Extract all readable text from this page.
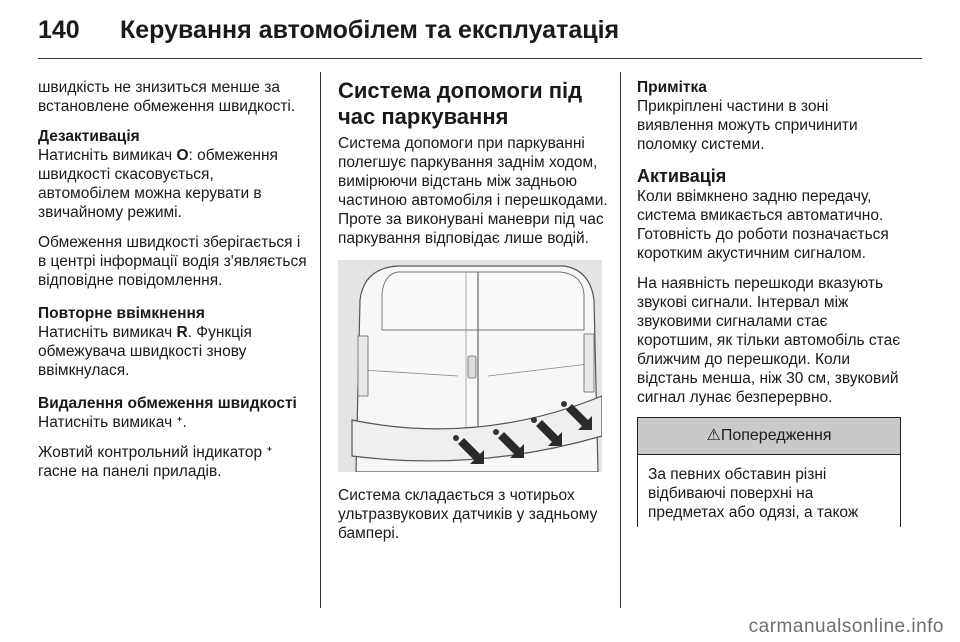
140 Керування автомобілем та експлуатація

швидкість не знизиться менше за встановлене обмеження швидкості.

Дезактивація

Натисніть вимикач O: обмеження швидкості скасовується, автомобілем можна керувати в звичайному режимі.

Обмеження швидкості зберігається і в центрі інформації водія з'являється відповідне повідомлення.

Повторне ввімкнення

Натисніть вимикач R. Функція обмежувача швидкості знову ввімкнулася.

Видалення обмеження швидкості

Натисніть вимикач ᐩ.

Жовтий контрольний індикатор ᐩ гасне на панелі приладів.

Система допомоги під час паркування

Система допомоги при паркуванні полегшує паркування заднім ходом, вимірюючи відстань між задньою частиною автомобіля і перешкодами. Проте за виконувані маневри під час паркування відповідає лише водій.

Система складається з чотирьох ультразвукових датчиків у задньому бампері.

Примітка

Прикріплені частини в зоні виявлення можуть спричинити поломку системи.

Активація

Коли ввімкнено задню передачу, система вмикається автоматично. Готовність до роботи позначається коротким акустичним сигналом.

На наявність перешкоди вказують звукові сигнали. Інтервал між звуковими сигналами стає коротшим, як тільки автомобіль стає ближчим до перешкоди. Коли відстань менша, ніж 30 см, звуковий сигнал лунає безперервно.

⚠Попередження
За певних обставин різні відбиваючі поверхні на предметах або одязі, а також
carmanualsonline.info
